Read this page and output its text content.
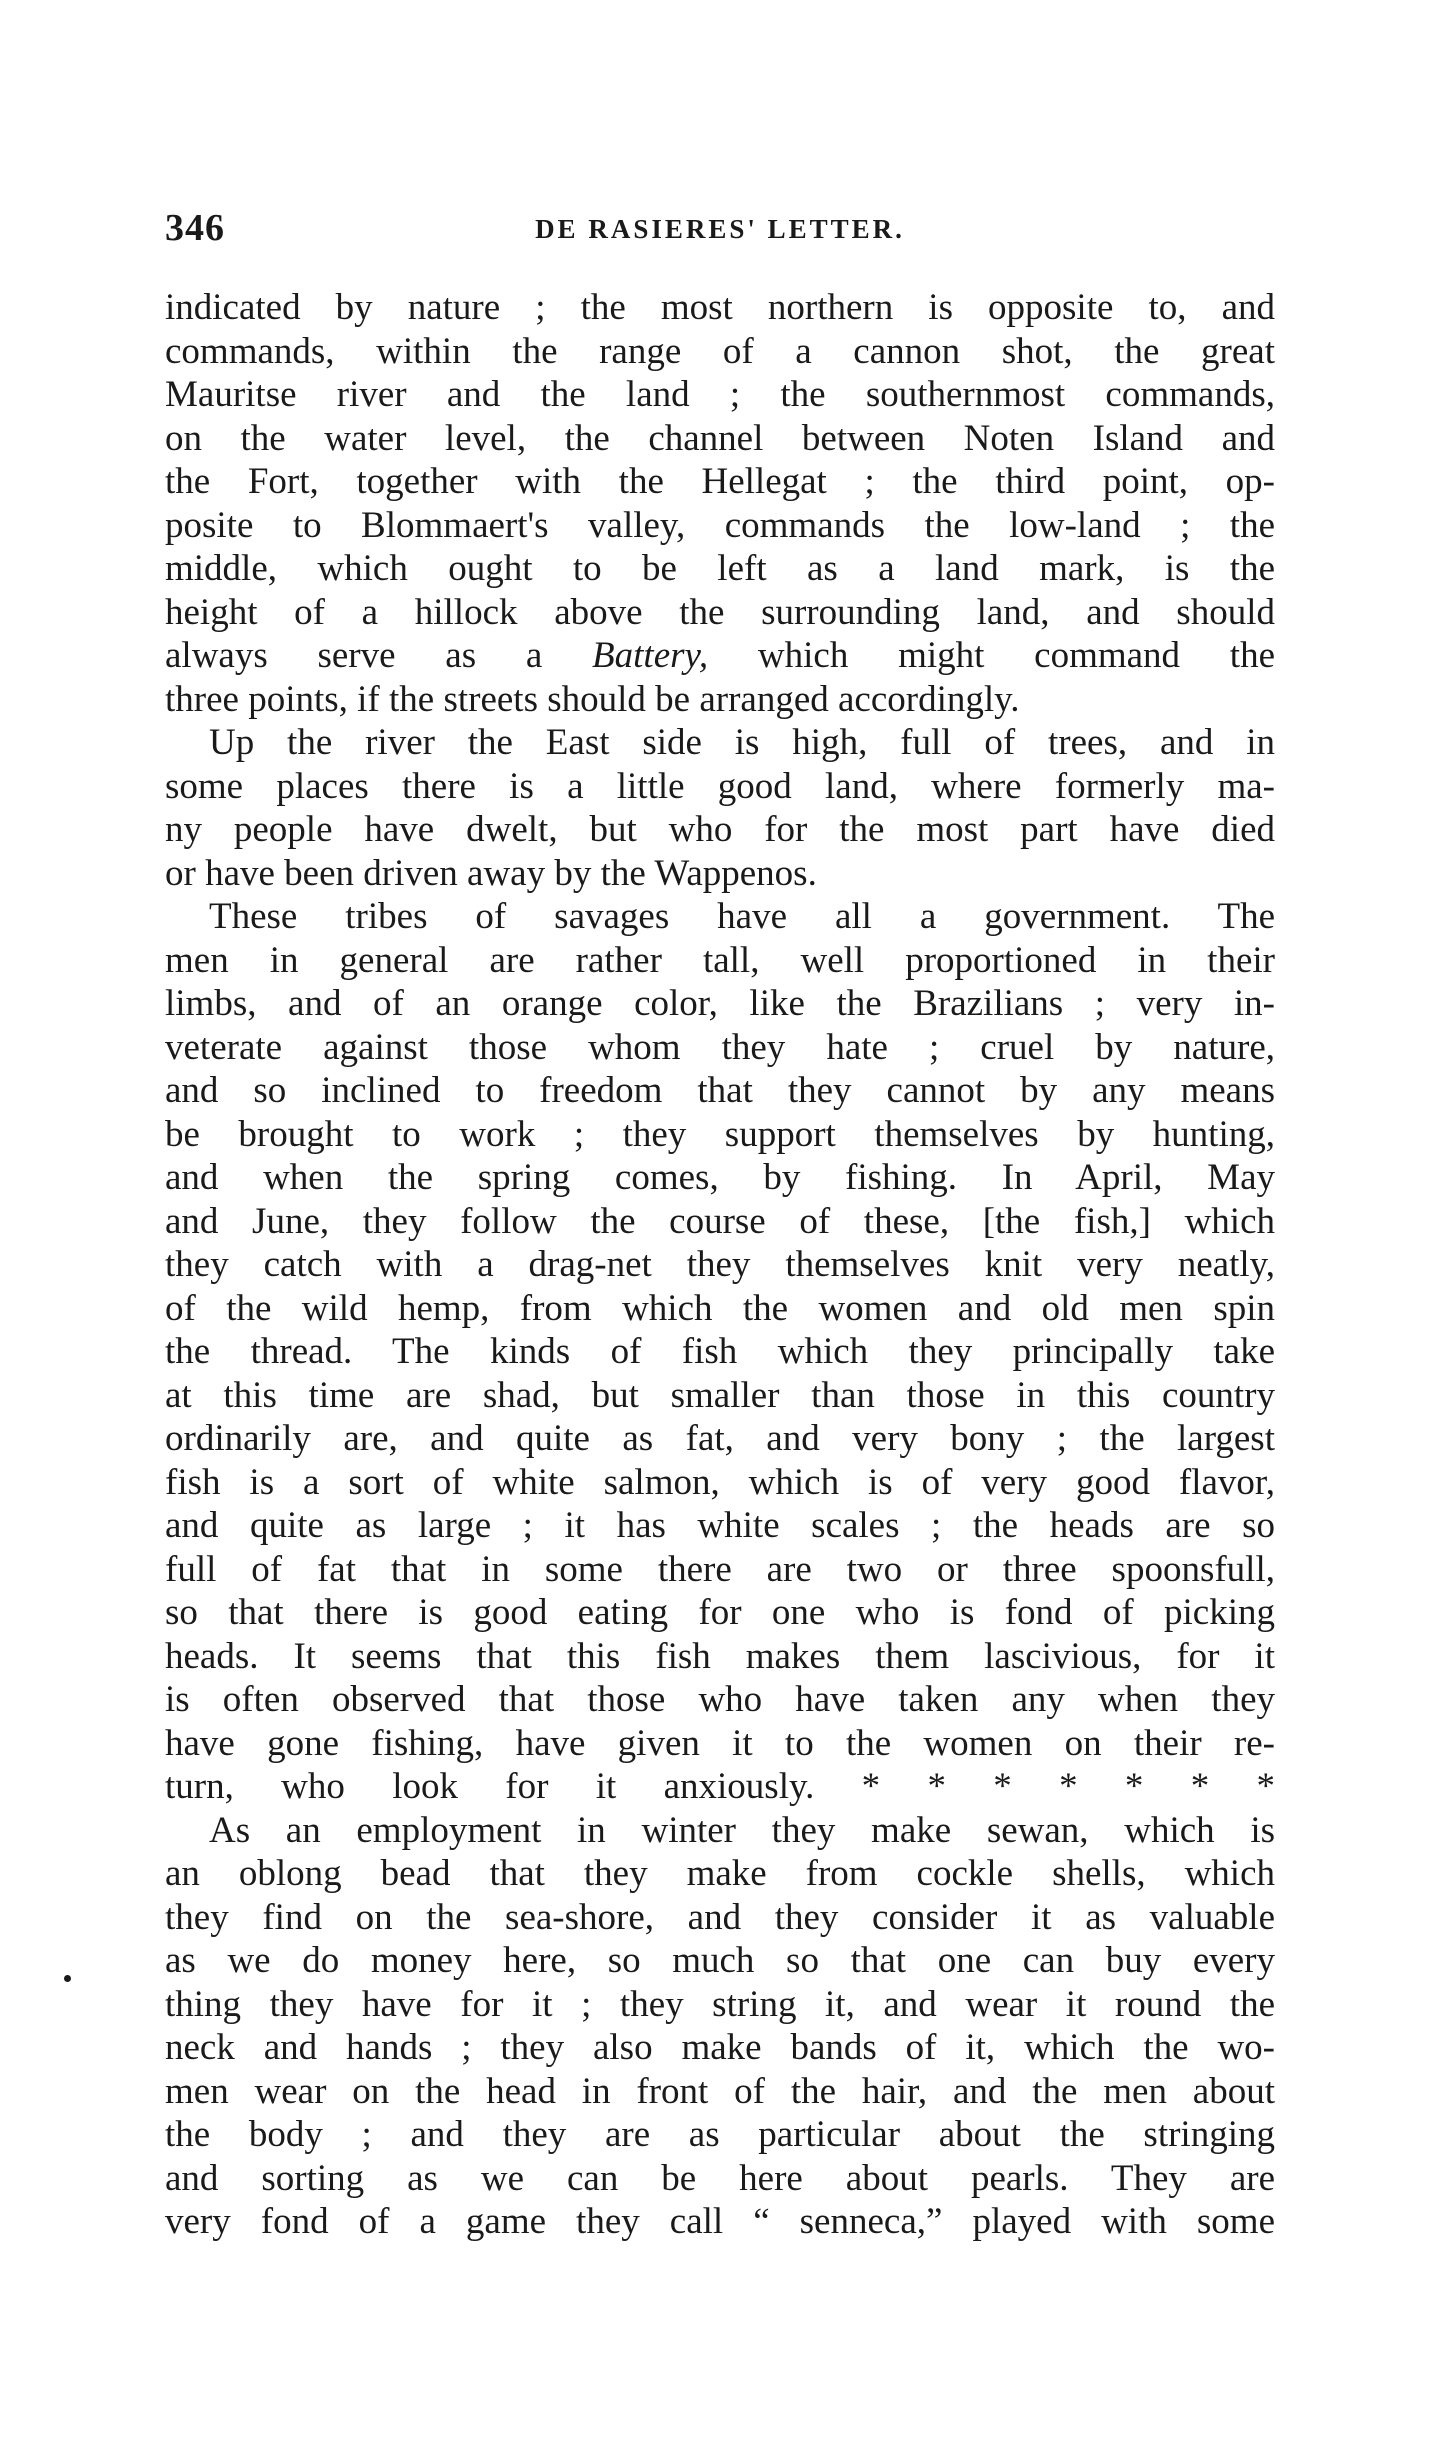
346	DE RASIERES' LETTER.
indicated by nature ; the most northern is opposite to, and
commands, within the range of a cannon shot, the great
Mauritse river and the land ; the southernmost commands,
on the water level, the channel between Noten Island and
the Fort, together with the Hellegat ; the third point, op-
posite to Blommaert's valley, commands the low-land ; the
middle, which ought to be left as a land mark, is the
height of a hillock above the surrounding land, and should
always serve as a Battery, which might command the
three points, if the streets should be arranged accordingly.
Up the river the East side is high, full of trees, and in
some places there is a little good land, where formerly ma-
ny people have dwelt, but who for the most part have died
or have been driven away by the Wappenos.
These tribes of savages have all a government. The
men in general are rather tall, well proportioned in their
limbs, and of an orange color, like the Brazilians ; very in-
veterate against those whom they hate ; cruel by nature,
and so inclined to freedom that they cannot by any means
be brought to work ; they support themselves by hunting,
and when the spring comes, by fishing. In April, May
and June, they follow the course of these, [the fish,] which
they catch with a drag-net they themselves knit very neatly,
of the wild hemp, from which the women and old men spin
the thread. The kinds of fish which they principally take
at this time are shad, but smaller than those in this country
ordinarily are, and quite as fat, and very bony ; the largest
fish is a sort of white salmon, which is of very good flavor,
and quite as large ; it has white scales ; the heads are so
full of fat that in some there are two or three spoonsfull,
so that there is good eating for one who is fond of picking
heads. It seems that this fish makes them lascivious, for it
is often observed that those who have taken any when they
have gone fishing, have given it to the women on their re-
turn, who look for it anxiously. * * * * * * *
As an employment in winter they make sewan, which is
an oblong bead that they make from cockle shells, which
they find on the sea-shore, and they consider it as valuable
as we do money here, so much so that one can buy every
thing they have for it ; they string it, and wear it round the
neck and hands ; they also make bands of it, which the wo-
men wear on the head in front of the hair, and the men about
the body ; and they are as particular about the stringing
and sorting as we can be here about pearls. They are
very fond of a game they call “ senneca,” played with some
